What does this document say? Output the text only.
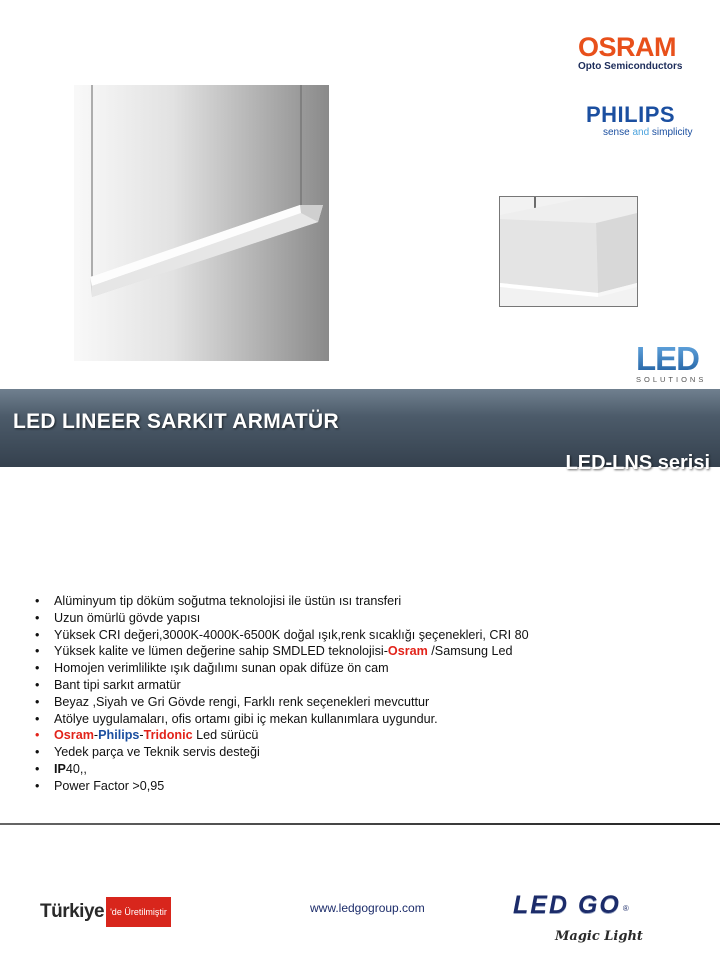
OSRAM
Opto Semiconductors
PHILIPS
sense and simplicity
LED
SOLUTIONS
LED LINEER SARKIT ARMATÜR
LED-LNS serisi
• Alüminyum tip döküm soğutma teknolojisi ile üstün ısı transferi
• Uzun ömürlü gövde yapısı
• Yüksek CRI değeri,3000K-4000K-6500K doğal ışık,renk sıcaklığı şeçenekleri, CRI 80
• Yüksek kalite ve lümen değerine sahip SMDLED teknolojisi-Osram /Samsung Led
• Homojen verimlilikte ışık dağılımı sunan opak difüze ön cam
• Bant tipi sarkıt armatür
• Beyaz ,Siyah ve Gri Gövde rengi, Farklı renk seçenekleri mevcuttur
• Atölye uygulamaları, ofis ortamı gibi iç mekan kullanımlara uygundur.
• Osram-Philips-Tridonic Led sürücü
• Yedek parça ve Teknik servis desteği
• IP40,,
• Power Factor >0,95
Türkiye 'de Üretilmiştir	www.ledgogroup.com	LED GO ®
Magic Light
